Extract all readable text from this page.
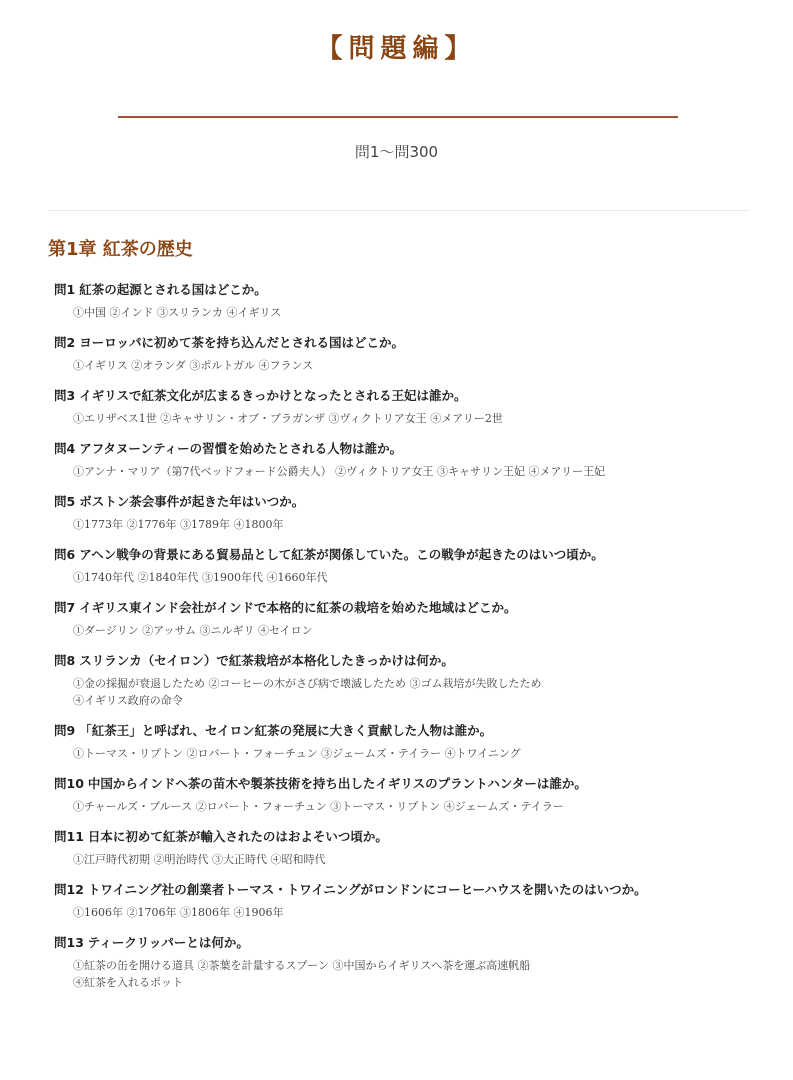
【問題編】
問1〜問300
第1章 紅茶の歴史
問1 紅茶の起源とされる国はどこか。
①中国 ②インド ③スリランカ ④イギリス
問2 ヨーロッパに初めて茶を持ち込んだとされる国はどこか。
①イギリス ②オランダ ③ポルトガル ④フランス
問3 イギリスで紅茶文化が広まるきっかけとなったとされる王妃は誰か。
①エリザベス1世 ②キャサリン・オブ・ブラガンザ ③ヴィクトリア女王 ④メアリー2世
問4 アフタヌーンティーの習慣を始めたとされる人物は誰か。
①アンナ・マリア（第7代ベッドフォード公爵夫人） ②ヴィクトリア女王 ③キャサリン王妃 ④メアリー王妃
問5 ボストン茶会事件が起きた年はいつか。
①1773年 ②1776年 ③1789年 ④1800年
問6 アヘン戦争の背景にある貿易品として紅茶が関係していた。この戦争が起きたのはいつ頃か。
①1740年代 ②1840年代 ③1900年代 ④1660年代
問7 イギリス東インド会社がインドで本格的に紅茶の栽培を始めた地域はどこか。
①ダージリン ②アッサム ③ニルギリ ④セイロン
問8 スリランカ（セイロン）で紅茶栽培が本格化したきっかけは何か。
①金の採掘が衰退したため ②コーヒーの木がさび病で壊滅したため ③ゴム栽培が失敗したため
④イギリス政府の命令
問9 「紅茶王」と呼ばれ、セイロン紅茶の発展に大きく貢献した人物は誰か。
①トーマス・リプトン ②ロバート・フォーチュン ③ジェームズ・テイラー ④トワイニング
問10 中国からインドへ茶の苗木や製茶技術を持ち出したイギリスのプラントハンターは誰か。
①チャールズ・ブルース ②ロバート・フォーチュン ③トーマス・リプトン ④ジェームズ・テイラー
問11 日本に初めて紅茶が輸入されたのはおよそいつ頃か。
①江戸時代初期 ②明治時代 ③大正時代 ④昭和時代
問12 トワイニング社の創業者トーマス・トワイニングがロンドンにコーヒーハウスを開いたのはいつか。
①1606年 ②1706年 ③1806年 ④1906年
問13 ティークリッパーとは何か。
①紅茶の缶を開ける道具 ②茶葉を計量するスプーン ③中国からイギリスへ茶を運ぶ高速帆船
④紅茶を入れるポット
